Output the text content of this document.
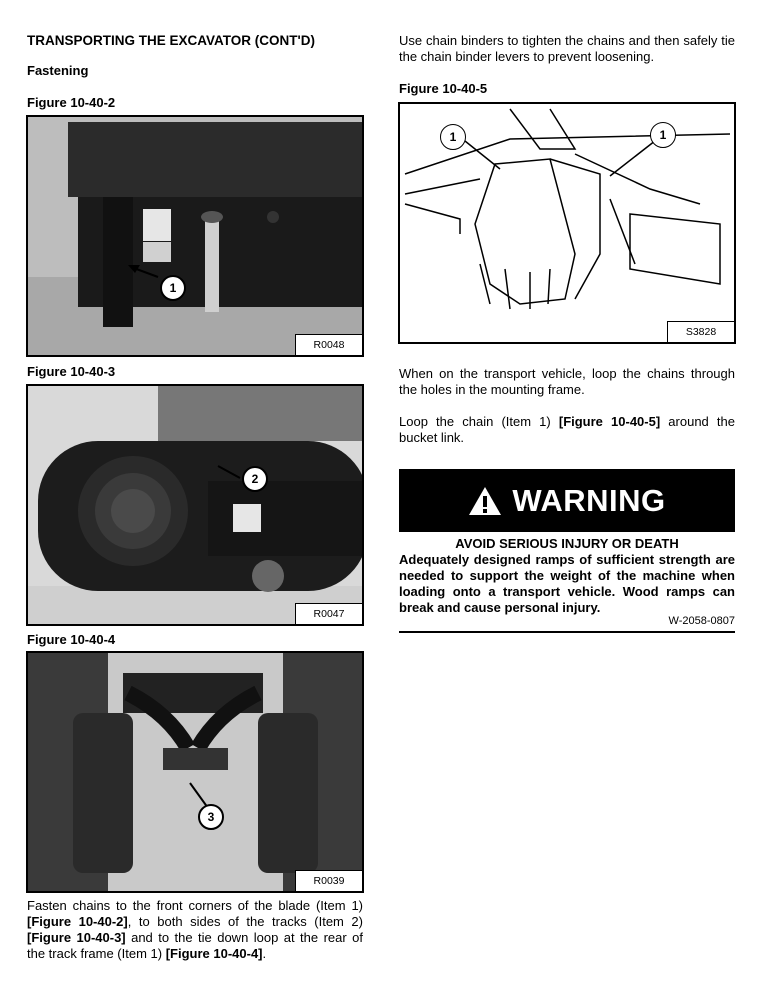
TRANSPORTING THE EXCAVATOR (CONT'D)
Fastening
Figure 10-40-2
1
R0048
Figure 10-40-3
2
R0047
Figure 10-40-4
3
R0039
Fasten chains to the front corners of the blade (Item 1) [Figure 10-40-2], to both sides of the tracks (Item 2)[Figure 10-40-3] and to the tie down loop at the rear of the track frame (Item 1) [Figure 10-40-4].
Use chain binders to tighten the chains and then safely tie the chain binder levers to prevent loosening.
Figure 10-40-5
1	1
S3828
When on the transport vehicle, loop the chains through the holes in the mounting frame.
Loop the chain (Item 1) [Figure 10-40-5] around the bucket link.
WARNING
AVOID SERIOUS INJURY OR DEATH
Adequately designed ramps of sufficient strength are needed to support the weight of the machine when loading onto a transport vehicle. Wood ramps can break and cause personal injury.
W-2058-0807
